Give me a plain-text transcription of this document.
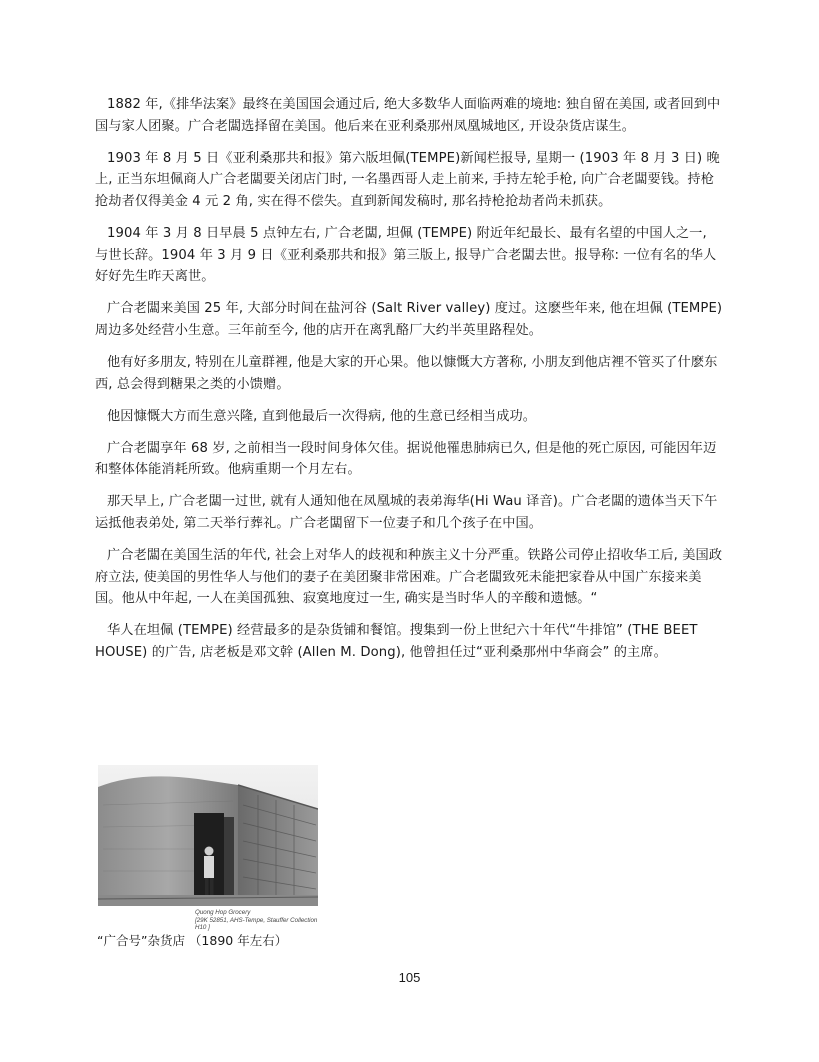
1882 年,《排华法案》最终在美国国会通过后, 绝大多数华人面临两难的境地: 独自留在美国, 或者回到中国与家人团聚。广合老闆选择留在美国。他后来在亚利桑那州凤凰城地区, 开设杂货店谋生。

1903 年 8 月 5 日《亚利桑那共和报》第六版坦佩(TEMPE)新闻栏报导, 星期一 (1903 年 8 月 3 日) 晚上, 正当东坦佩商人广合老闆要关闭店门时, 一名墨西哥人走上前来, 手持左轮手枪, 向广合老闆要钱。持枪抢劫者仅得美金 4 元 2 角, 实在得不偿失。直到新闻发稿时, 那名持枪抢劫者尚未抓获。

1904 年 3 月 8 日早晨 5 点钟左右, 广合老闆, 坦佩 (TEMPE) 附近年纪最长、最有名望的中国人之一, 与世长辞。1904 年 3 月 9 日《亚利桑那共和报》第三版上, 报导广合老闆去世。报导称: 一位有名的华人好好先生昨天离世。

广合老闆来美国 25 年, 大部分时间在盐河谷 (Salt River valley) 度过。这麽些年来, 他在坦佩 (TEMPE) 周边多处经营小生意。三年前至今, 他的店开在离乳酪厂大约半英里路程处。

他有好多朋友, 特别在儿童群裡, 他是大家的开心果。他以慷慨大方著称, 小朋友到他店裡不管买了什麽东西, 总会得到糖果之类的小馈赠。

他因慷慨大方而生意兴隆, 直到他最后一次得病, 他的生意已经相当成功。

广合老闆享年 68 岁, 之前相当一段时间身体欠佳。据说他罹患肺病已久, 但是他的死亡原因, 可能因年迈和整体体能消耗所致。他病重期一个月左右。

那天早上, 广合老闆一过世, 就有人通知他在凤凰城的表弟海华(Hi Wau 译音)。广合老闆的遗体当天下午运抵他表弟处, 第二天举行葬礼。广合老闆留下一位妻子和几个孩子在中国。

广合老闆在美国生活的年代, 社会上对华人的歧视和种族主义十分严重。铁路公司停止招收华工后, 美国政府立法, 使美国的男性华人与他们的妻子在美团聚非常困难。广合老闆致死未能把家眷从中国广东接来美国。他从中年起, 一人在美国孤独、寂寞地度过一生, 确实是当时华人的辛酸和遗憾。“

华人在坦佩 (TEMPE) 经营最多的是杂货铺和餐馆。搜集到一份上世纪六十年代“牛排馆” (THE BEET HOUSE) 的广告, 店老板是邓文幹 (Allen M. Dong), 他曾担任过“亚利桑那州中华商会” 的主席。

Quong Hop Grocery
[29K 52851, AHS-Tempe, Stauffer Collection H10 ]
“广合号”杂货店 （1890 年左右）
105
